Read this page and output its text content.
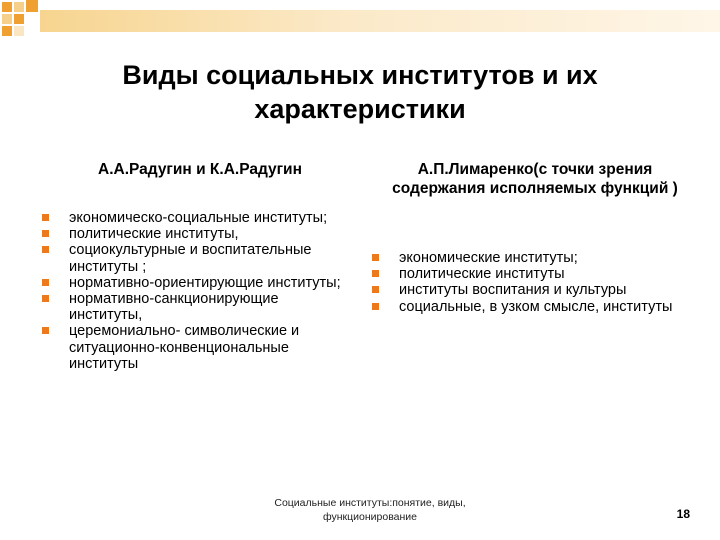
Виды социальных институтов и их характеристики
А.А.Радугин и К.А.Радугин
экономическо-социальные институты;
политические институты,
социокультурные и воспитательные институты ;
нормативно-ориентирующие институты;
нормативно-санкционирующие институты,
церемониально- символические и ситуационно-конвенциональные институты
А.П.Лимаренко(с точки зрения содержания исполняемых функций )
экономические институты;
политические институты
институты воспитания и культуры
социальные, в узком смысле, институты
Социальные институты:понятие, виды, функционирование	18
